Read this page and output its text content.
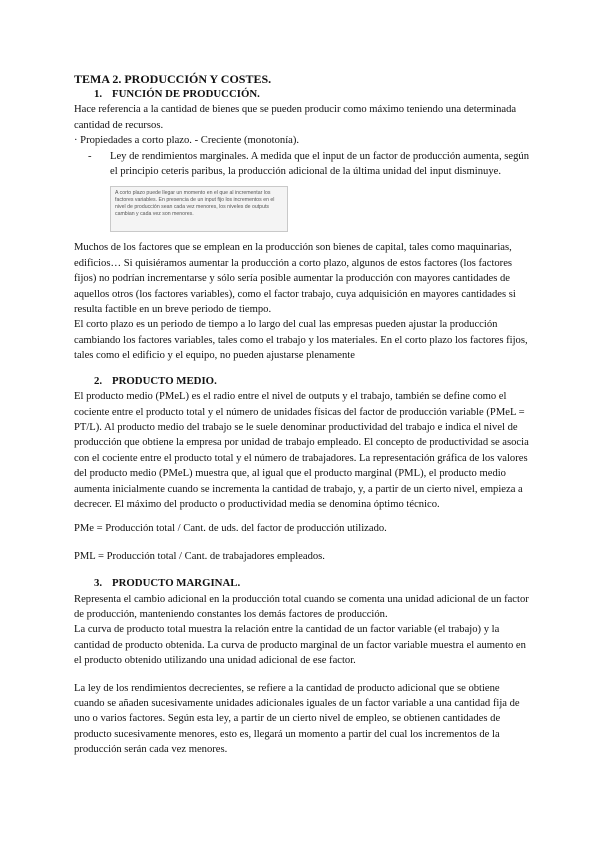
TEMA 2. PRODUCCIÓN Y COSTES.

1. FUNCIÓN DE PRODUCCIÓN.

Hace referencia a la cantidad de bienes que se pueden producir como máximo teniendo una determinada cantidad de recursos.

· Propiedades a corto plazo. - Creciente (monotonía).

-	Ley de rendimientos marginales. A medida que el input de un factor de producción aumenta, según el principio ceteris paribus, la producción adicional de la última unidad del input disminuye.
A corto plazo puede llegar un momento en el que al incrementar los factores variables. En presencia de un input fijo los incrementos en el nivel de producción sean cada vez menores, los niveles de outputs cambian y cada vez son menores.

Muchos de los factores que se emplean en la producción son bienes de capital, tales como maquinarias, edificios… Si quisiéramos aumentar la producción a corto plazo, algunos de estos factores (los factores fijos) no podrían incrementarse y sólo sería posible aumentar la producción con mayores cantidades de aquellos otros (los factores variables), como el factor trabajo, cuya adquisición en mayores cantidades si resulta factible en un breve periodo de tiempo.

El corto plazo es un periodo de tiempo a lo largo del cual las empresas pueden ajustar la producción cambiando los factores variables, tales como el trabajo y los materiales. En el corto plazo los factores fijos, tales como el edificio y el equipo, no pueden ajustarse plenamente

2. PRODUCTO MEDIO.

El producto medio (PMeL) es el radio entre el nivel de outputs y el trabajo, también se define como el cociente entre el producto total y el número de unidades físicas del factor de producción variable (PMeL = PT/L). Al producto medio del trabajo se le suele denominar productividad del trabajo e indica el nivel de producción que obtiene la empresa por unidad de trabajo empleado. El concepto de productividad se asocia con el cociente entre el producto total y el número de trabajadores. La representación gráfica de los valores del producto medio (PMeL) muestra que, al igual que el producto marginal (PML), el producto medio aumenta inicialmente cuando se incrementa la cantidad de trabajo, y, a partir de un cierto nivel, empieza a decrecer. El máximo del producto o productividad media se denomina óptimo técnico.

PMe = Producción total / Cant. de uds. del factor de producción utilizado.

PML = Producción total / Cant. de trabajadores empleados.

3. PRODUCTO MARGINAL.

Representa el cambio adicional en la producción total cuando se comenta una unidad adicional de un factor de producción, manteniendo constantes los demás factores de producción.

La curva de producto total muestra la relación entre la cantidad de un factor variable (el trabajo) y la cantidad de producto obtenida. La curva de producto marginal de un factor variable muestra el aumento en el producto obtenido utilizando una unidad adicional de ese factor.

La ley de los rendimientos decrecientes, se refiere a la cantidad de producto adicional que se obtiene cuando se añaden sucesivamente unidades adicionales iguales de un factor variable a una cantidad fija de uno o varios factores. Según esta ley, a partir de un cierto nivel de empleo, se obtienen cantidades de producto sucesivamente menores, esto es, llegará un momento a partir del cual los incrementos de la producción serán cada vez menores.
